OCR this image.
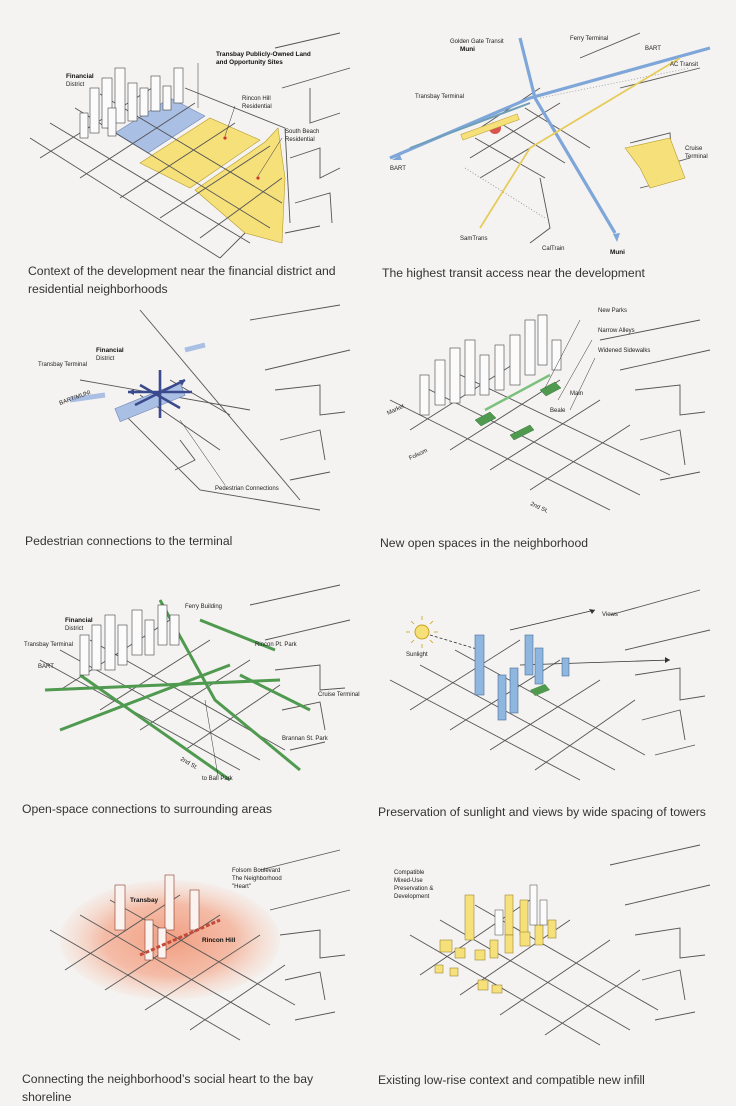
Financial
District
Transbay Publicly-Owned Land
and Opportunity Sites
Rincon Hill
Residential
South Beach
Residential
Context of the development near the financial district and residential neighborhoods
Golden Gate Transit
Muni
Ferry Terminal
BART
AC Transit
Transbay Terminal
BART
Cruise
Terminal
SamTrans
CalTrain	Muni
The highest transit access near the development
Financial
District
Transbay Terminal
BART/MUNI
Pedestrian Connections
Pedestrian connections to the terminal
New Parks
Narrow Alleys
Widened Sidewalks
Market
Main
Beale
Folsom
2nd St.
New open spaces in the neighborhood
Ferry Building
Financial
District
Transbay Terminal
BART
Rincon Pt. Park
Cruise Terminal
Brannan St. Park
2nd St.
to Ball Park
Open-space connections to surrounding areas
Views
Sunlight
Preservation of sunlight and views by wide spacing of towers
Folsom Boulevard
The Neighborhood
"Heart"
Transbay
Rincon Hill
Connecting the neighborhood’s social heart to the bay shoreline
Compatible
Mixed-Use
Preservation &
Development
Existing low-rise context and compatible new infill
